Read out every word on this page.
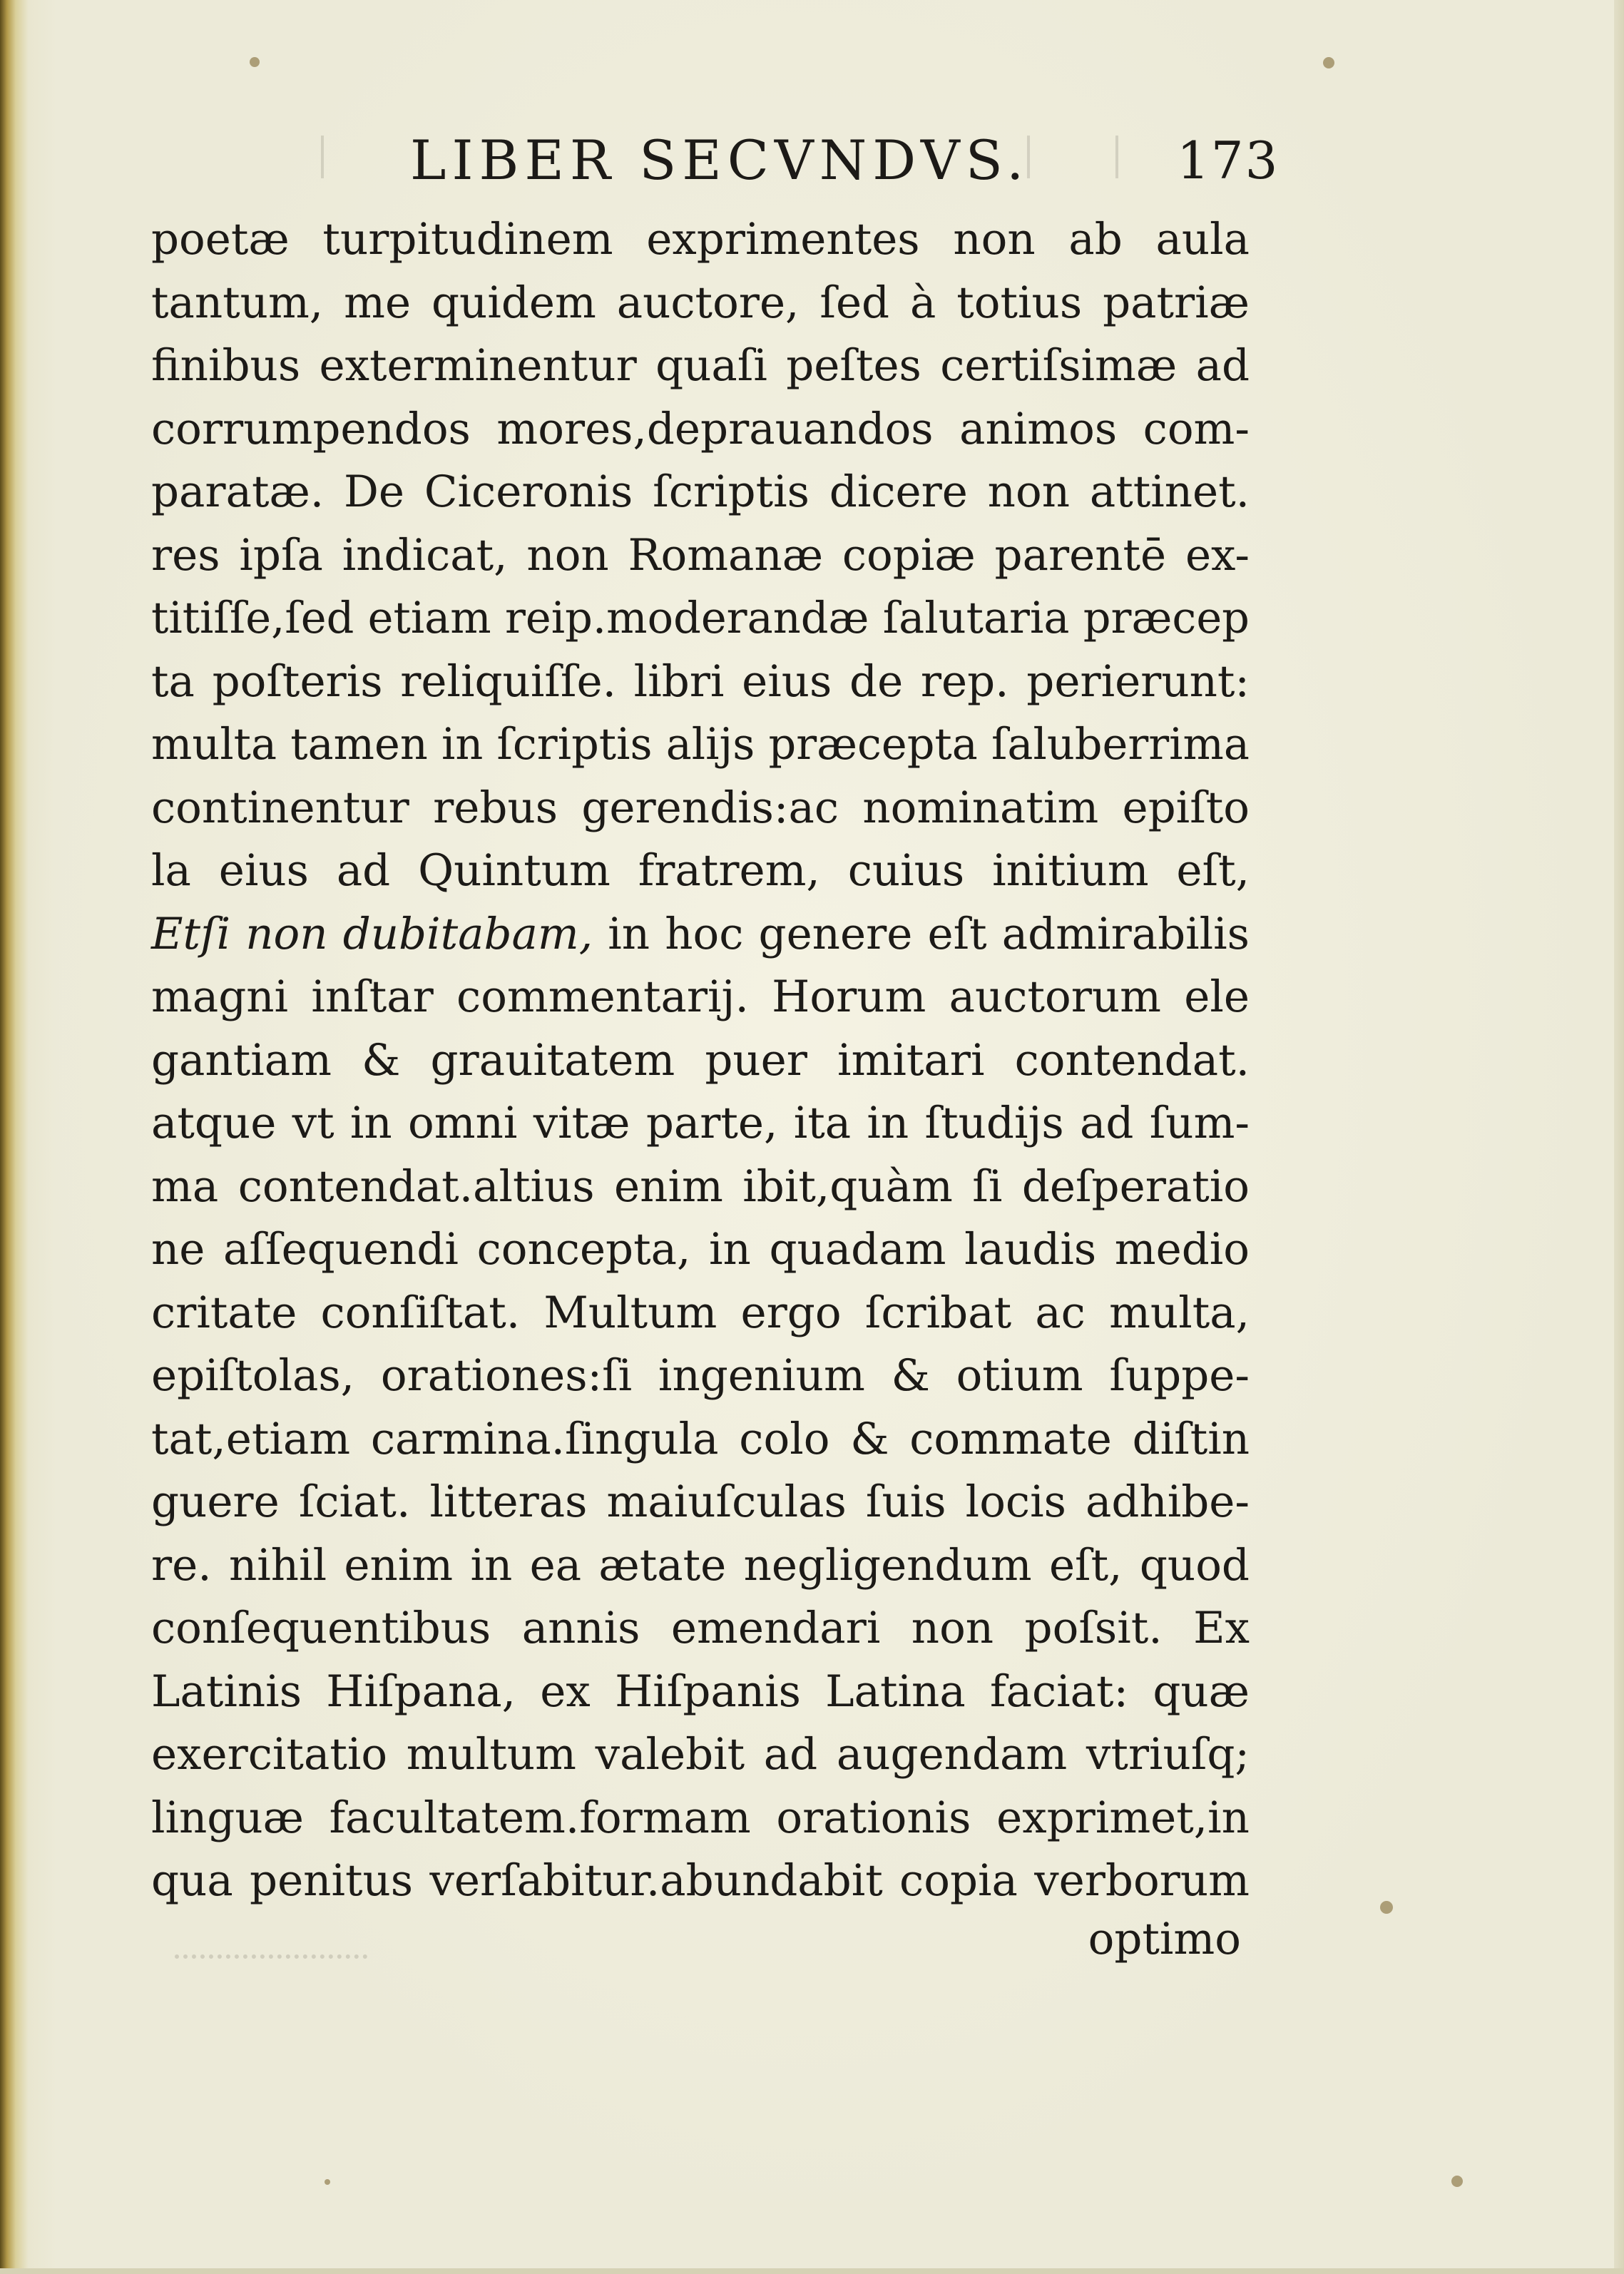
LIBER SECVNDVS.	173
poetæ turpitudinem exprimentes non ab aula
tantum, me quidem auctore, ſed à totius patriæ
finibus exterminentur quaſi peſtes certiſsimæ ad
corrumpendos mores,deprauandos animos com-
paratæ. De Ciceronis ſcriptis dicere non attinet.
res ipſa indicat, non Romanæ copiæ parentē ex-
titiſſe,ſed etiam reip.moderandæ ſalutaria præcep
ta poſteris reliquiſſe. libri eius de rep. perierunt:
multa tamen in ſcriptis alijs præcepta ſaluberrima
continentur rebus gerendis:ac nominatim epiſto
la eius ad Quintum fratrem, cuius initium eſt,
Etſi non dubitabam, in hoc genere eſt admirabilis
magni inſtar commentarij. Horum auctorum ele
gantiam & grauitatem puer imitari contendat.
atque vt in omni vitæ parte, ita in ſtudijs ad ſum-
ma contendat.altius enim ibit,quàm ſi deſperatio
ne aſſequendi concepta, in quadam laudis medio
critate conſiſtat. Multum ergo ſcribat ac multa,
epiſtolas, orationes:ſi ingenium & otium ſuppe-
tat,etiam carmina.ſingula colo & commate diſtin
guere ſciat. litteras maiuſculas ſuis locis adhibe-
re. nihil enim in ea ætate negligendum eſt, quod
conſequentibus annis emendari non poſsit. Ex
Latinis Hiſpana, ex Hiſpanis Latina faciat: quæ
exercitatio multum valebit ad augendam vtriuſq;
linguæ facultatem.formam orationis exprimet,in
qua penitus verſabitur.abundabit copia verborum
optimo
